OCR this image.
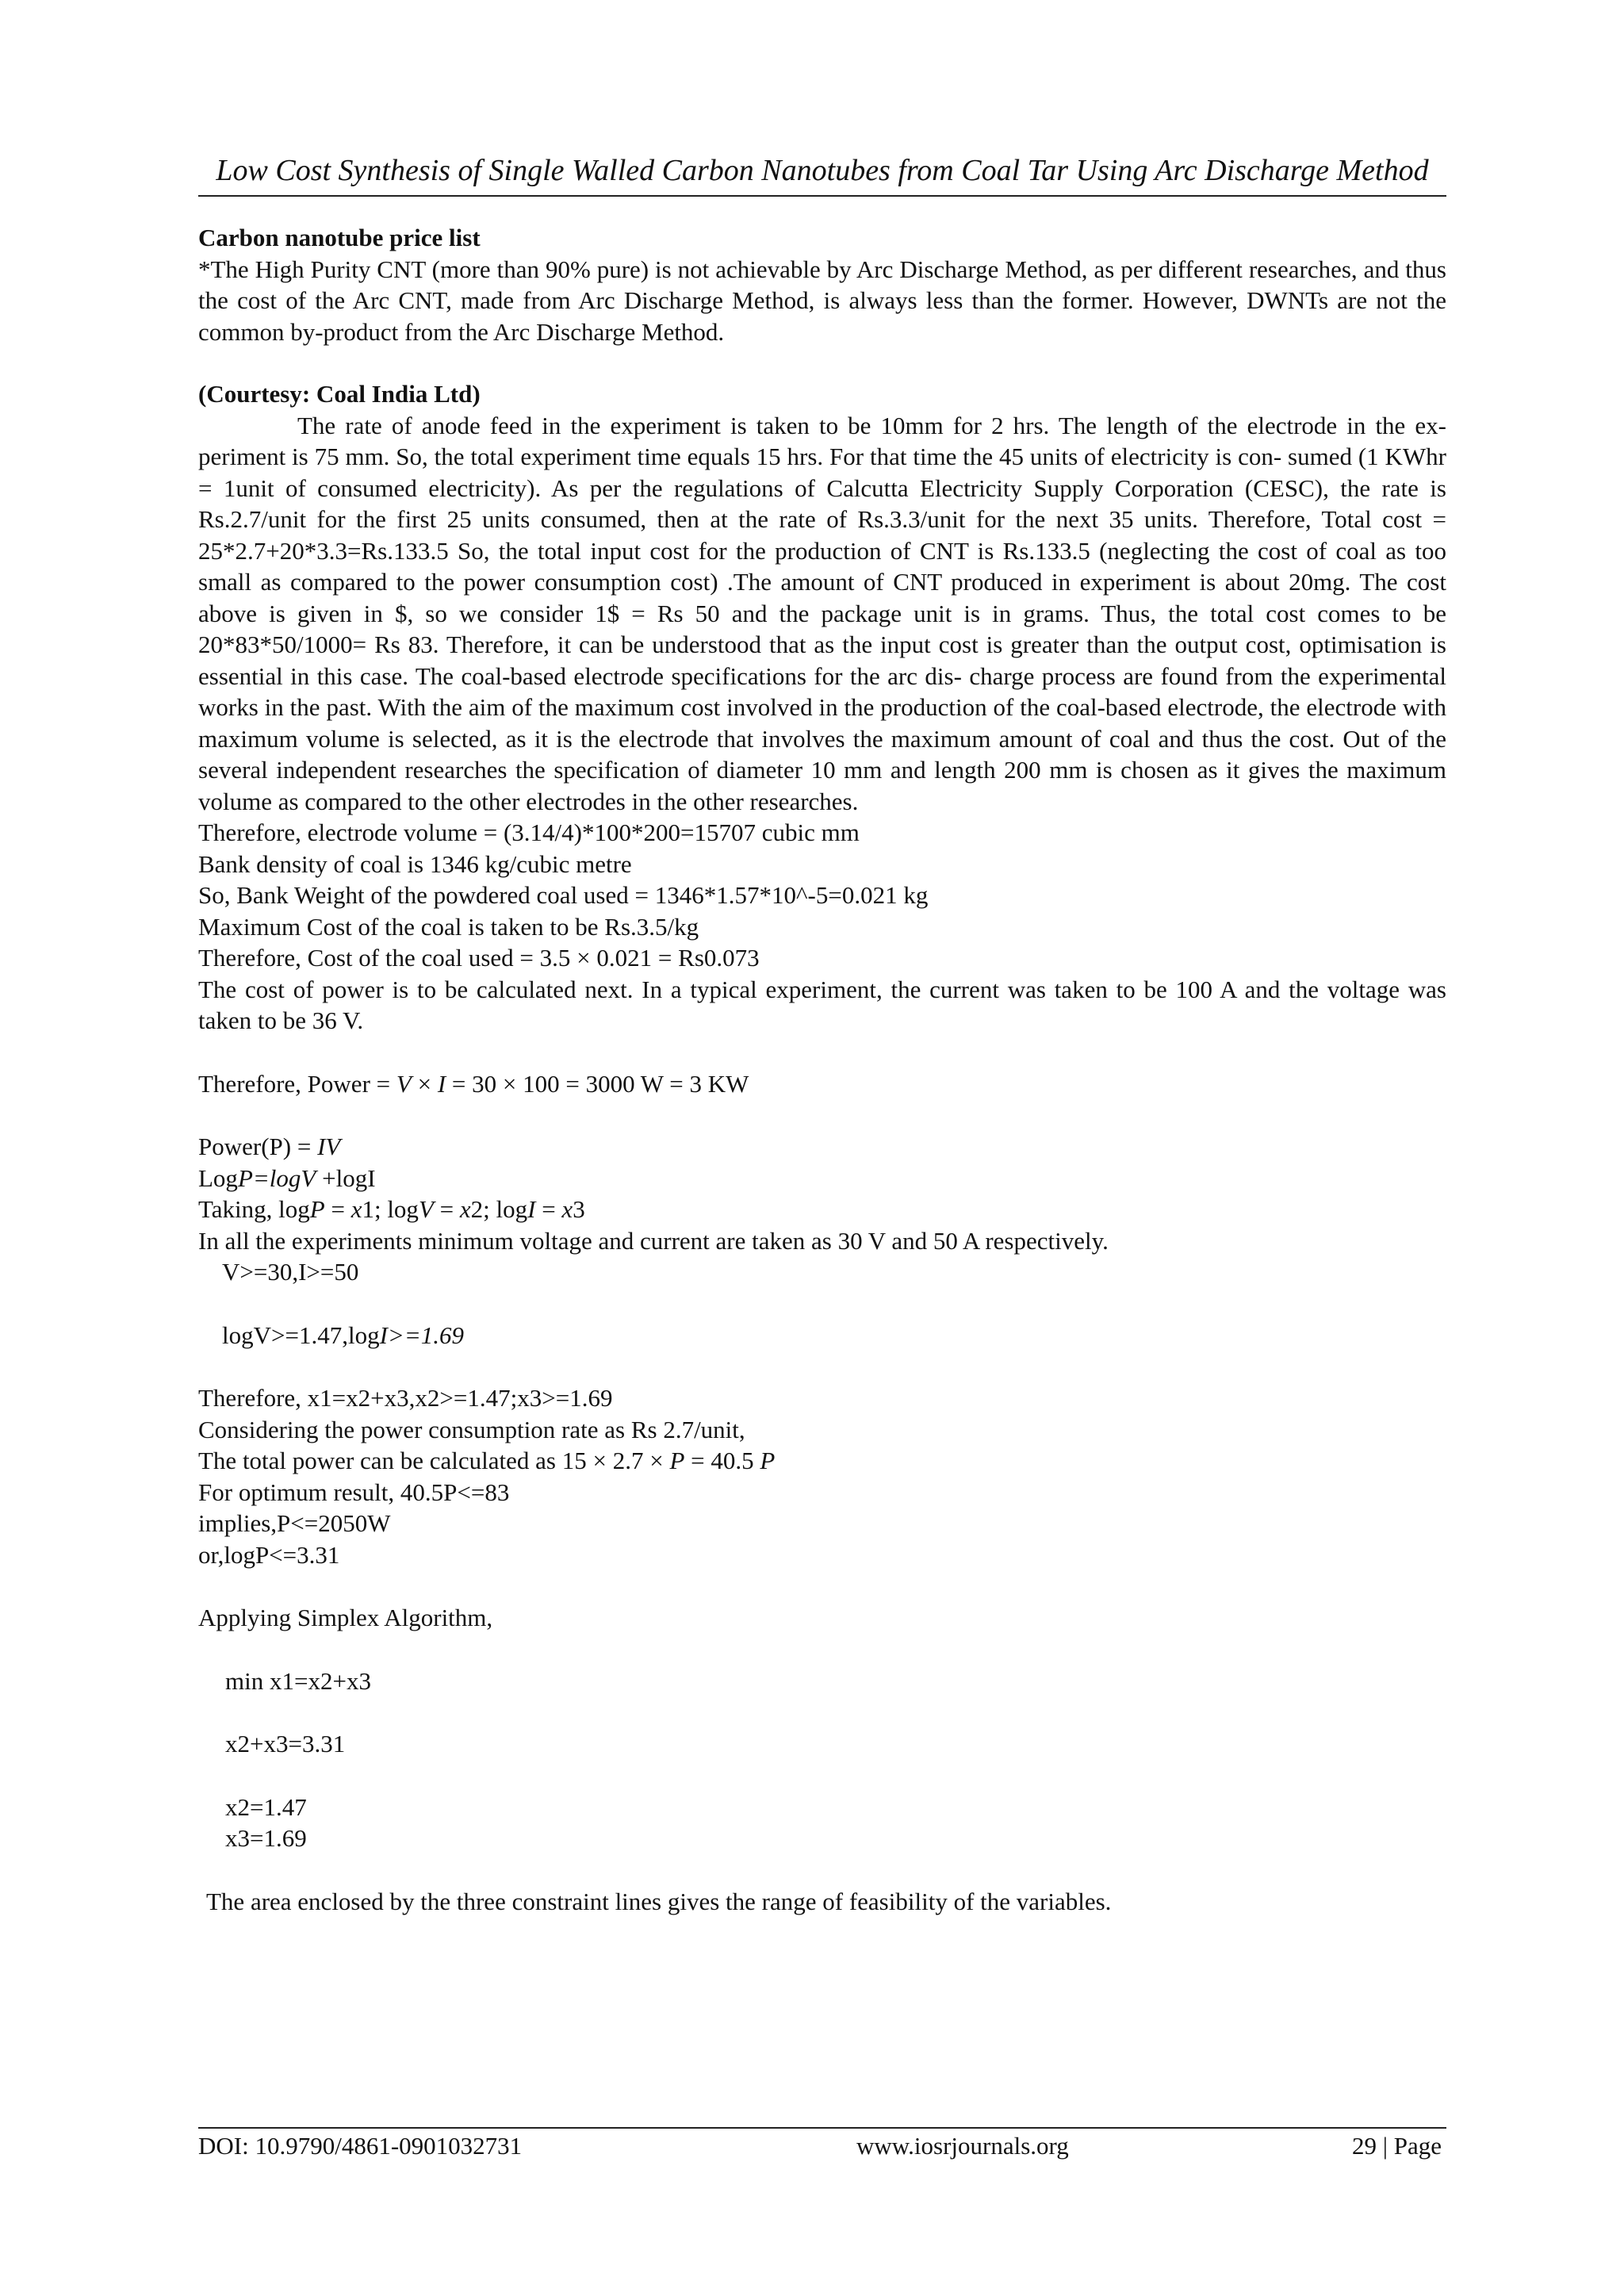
Low Cost Synthesis of Single Walled Carbon Nanotubes from Coal Tar Using Arc Discharge Method

Carbon nanotube price list

*The High Purity CNT (more than 90% pure) is not achievable by Arc Discharge Method, as per different researches, and thus the cost of the Arc CNT, made from Arc Discharge Method, is always less than the former. However, DWNTs are not the common by-product from the Arc Discharge Method.

(Courtesy: Coal India Ltd)

The rate of anode feed in the experiment is taken to be 10mm for 2 hrs. The length of the electrode in the ex- periment is 75 mm. So, the total experiment time equals 15 hrs. For that time the 45 units of electricity is con- sumed (1 KWhr = 1unit of consumed electricity). As per the regulations of Calcutta Electricity Supply Corporation (CESC), the rate is Rs.2.7/unit for the first 25 units consumed, then at the rate of Rs.3.3/unit for the next 35 units. Therefore, Total cost = 25*2.7+20*3.3=Rs.133.5 So, the total input cost for the production of CNT is Rs.133.5 (neglecting the cost of coal as too small as compared to the power consumption cost) .The amount of CNT produced in experiment is about 20mg. The cost above is given in $, so we consider 1$ = Rs 50 and the package unit is in grams. Thus, the total cost comes to be 20*83*50/1000= Rs 83. Therefore, it can be understood that as the input cost is greater than the output cost, optimisation is essential in this case. The coal-based electrode specifications for the arc dis- charge process are found from the experimental works in the past. With the aim of the maximum cost involved in the production of the coal-based electrode, the electrode with maximum volume is selected, as it is the electrode that involves the maximum amount of coal and thus the cost. Out of the several independent researches the specification of diameter 10 mm and length 200 mm is chosen as it gives the maximum volume as compared to the other electrodes in the other researches.

Therefore, electrode volume = (3.14/4)*100*200=15707 cubic mm

Bank density of coal is 1346 kg/cubic metre

So, Bank Weight of the powdered coal used = 1346*1.57*10^-5=0.021 kg

Maximum Cost of the coal is taken to be Rs.3.5/kg

Therefore, Cost of the coal used = 3.5 × 0.021 = Rs0.073

The cost of power is to be calculated next. In a typical experiment, the current was taken to be 100 A and the voltage was taken to be 36 V.

Therefore, Power = V × I = 30 × 100 = 3000 W = 3 KW

Power(P) = IV

LogP=logV +logI

Taking, logP = x1; logV = x2; logI = x3

In all the experiments minimum voltage and current are taken as 30 V and 50 A respectively.

V>=30,I>=50

logV>=1.47,logI>=1.69

Therefore, x1=x2+x3,x2>=1.47;x3>=1.69

Considering the power consumption rate as Rs 2.7/unit,

The total power can be calculated as 15 × 2.7 × P = 40.5 P

For optimum result, 40.5P<=83

implies,P<=2050W

or,logP<=3.31

Applying Simplex Algorithm,

min x1=x2+x3

x2+x3=3.31

x2=1.47

x3=1.69

The area enclosed by the three constraint lines gives the range of feasibility of the variables.

DOI: 10.9790/4861-0901032731	www.iosrjournals.org	29 | Page
